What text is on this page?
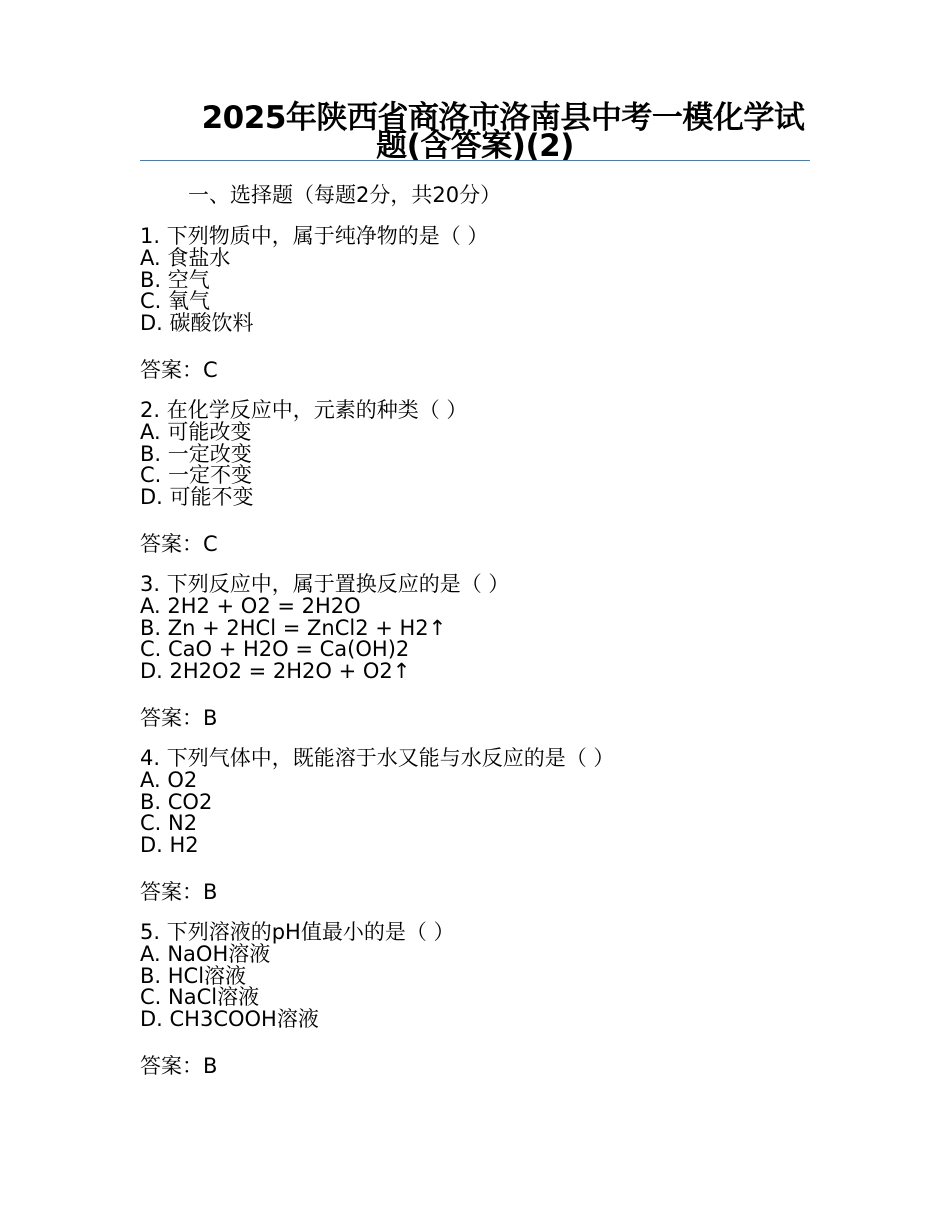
2025年陕西省商洛市洛南县中考一模化学试题(含答案)(2)
一、选择题（每题2分，共20分）
1. 下列物质中，属于纯净物的是（ ）
A. 食盐水
B. 空气
C. 氧气
D. 碳酸饮料
答案：C
2. 在化学反应中，元素的种类（ ）
A. 可能改变
B. 一定改变
C. 一定不变
D. 可能不变
答案：C
3. 下列反应中，属于置换反应的是（ ）
A. 2H2 + O2 = 2H2O
B. Zn + 2HCl = ZnCl2 + H2↑
C. CaO + H2O = Ca(OH)2
D. 2H2O2 = 2H2O + O2↑
答案：B
4. 下列气体中，既能溶于水又能与水反应的是（ ）
A. O2
B. CO2
C. N2
D. H2
答案：B
5. 下列溶液的pH值最小的是（ ）
A. NaOH溶液
B. HCl溶液
C. NaCl溶液
D. CH3COOH溶液
答案：B
